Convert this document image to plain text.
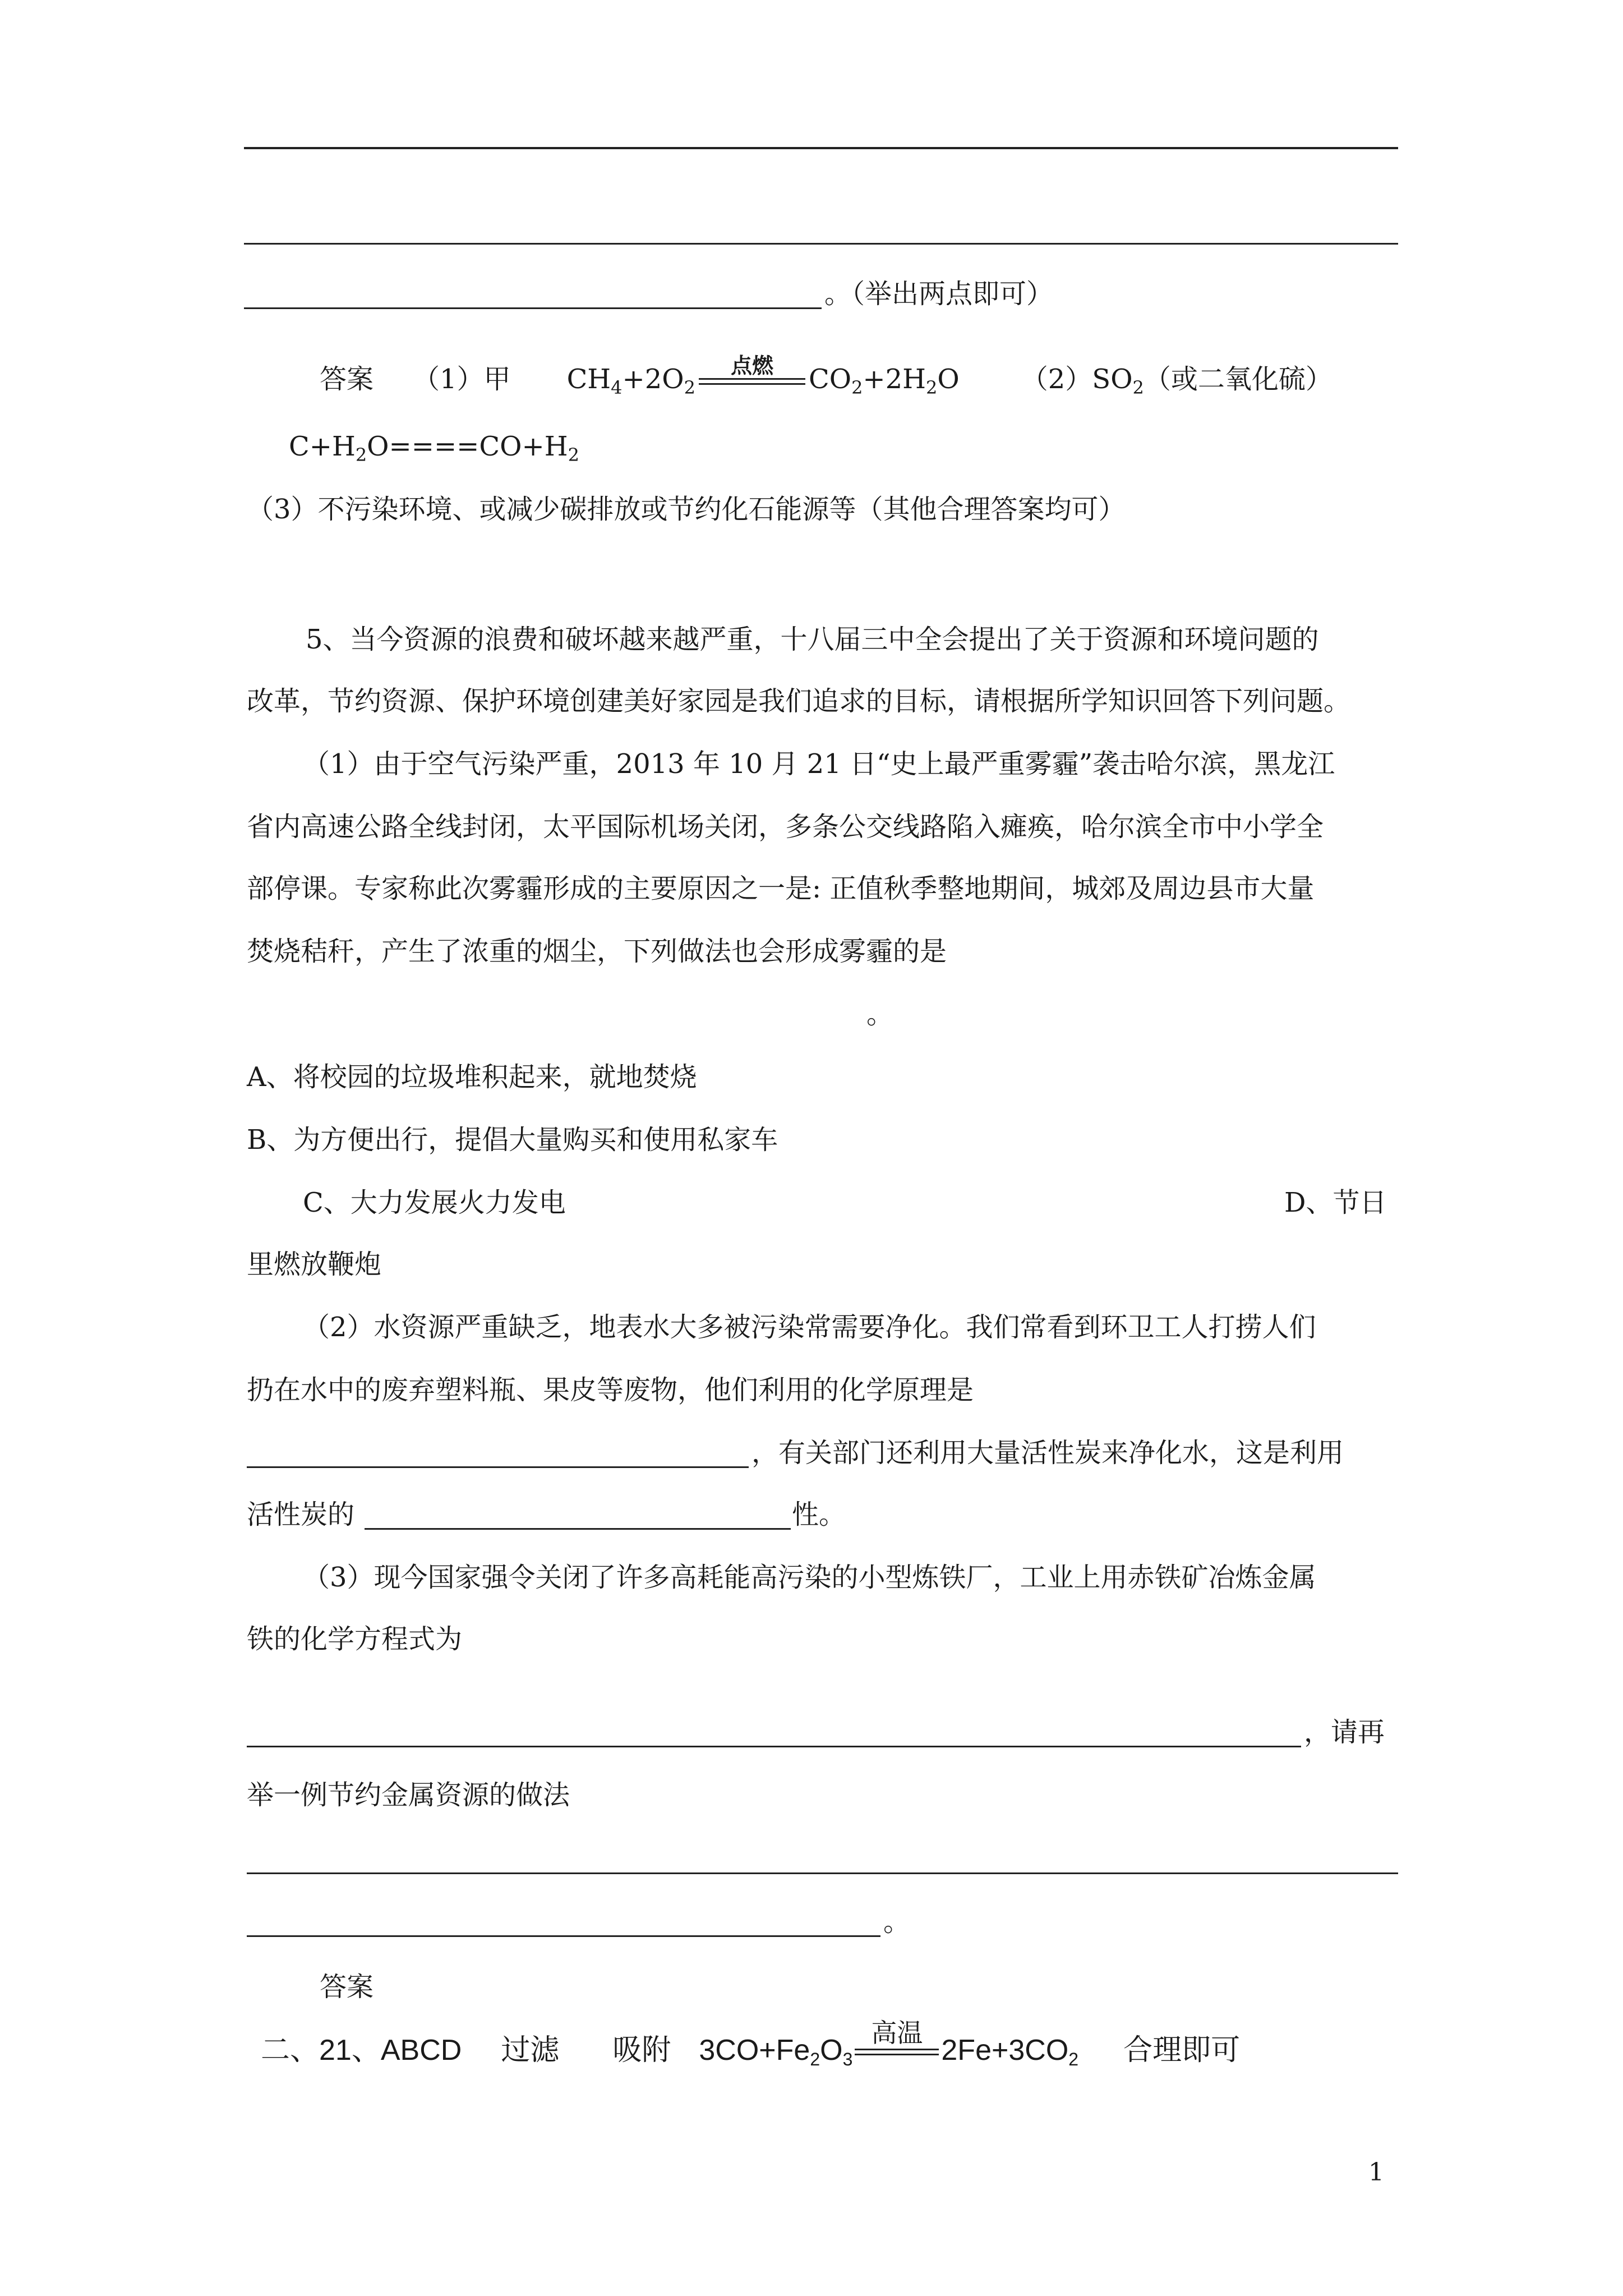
。（举出两点即可）
答案 （1）甲 $CH_4+2O_2$
点燃	$CO_2+2H_2O$ $(2)SO_2$（或二氧化硫）
$C+H_2O====CO+H_2$
（3）不污染环境、或减少碳排放或节约化石能源等（其他合理答案均可）
5、当今资源的浪费和破坏越来越严重，十八届三中全会提出了关于资源和环境问题的
改革，节约资源、保护环境创建美好家园是我们追求的目标，请根据所学知识回答下列问题。
（1）由于空气污染严重，2013 年 10 月 21 日“史上最严重雾霾”袭击哈尔滨，黑龙江
省内高速公路全线封闭，太平国际机场关闭，多条公交线路陷入瘫痪，哈尔滨全市中小学全
部停课。专家称此次雾霾形成的主要原因之一是: 正值秋季整地期间，城郊及周边县市大量
焚烧秸秆，产生了浓重的烟尘，下列做法也会形成雾霾的是
。
A、将校园的垃圾堆积起来，就地焚烧
B、为方便出行，提倡大量购买和使用私家车
C、大力发展火力发电	D、节日
里燃放鞭炮
（2）水资源严重缺乏，地表水大多被污染常需要净化。我们常看到环卫工人打捞人们
扔在水中的废弃塑料瓶、果皮等废物，他们利用的化学原理是
，有关部门还利用大量活性炭来净化水，这是利用
活性炭的	性。
（3）现今国家强令关闭了许多高耗能高污染的小型炼铁厂，工业上用赤铁矿冶炼金属
铁的化学方程式为
，请再
举一例节约金属资源的做法
。
答案
二、21、ABCD 过滤 吸附 $3CO+Fe_2O_3$
高温
$2Fe+3CO_2$ 合理即可
1
